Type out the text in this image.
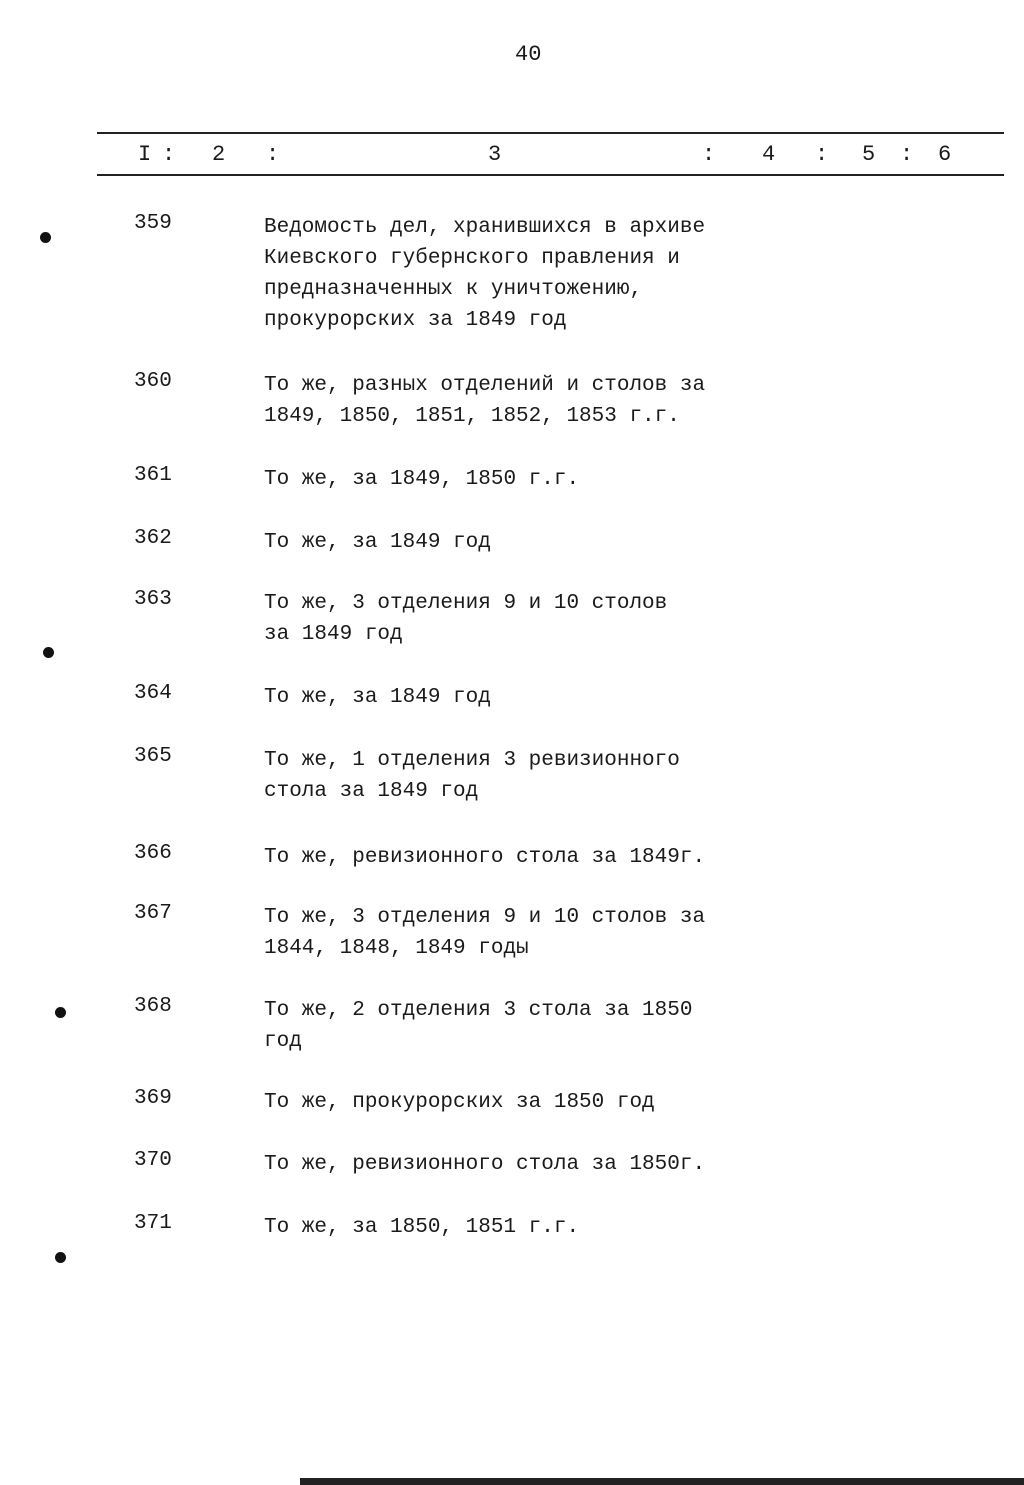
40
I : 2 :	3	: 4 : 5 : 6
359	Ведомость дел, хранившихся в архиве
Киевского губернского правления и
предназначенных к уничтожению,
прокурорских за 1849 год
360	То же, разных отделений и столов за
1849, 1850, 1851, 1852, 1853 г.г.
361	То же, за 1849, 1850 г.г.
362	То же, за 1849 год
363	То же, 3 отделения 9 и 10 столов
за 1849 год
364	То же, за 1849 год
365	То же, 1 отделения 3 ревизионного
стола за 1849 год
366	То же, ревизионного стола за 1849г.
367	То же, 3 отделения 9 и 10 столов за
1844, 1848, 1849 годы
368	То же, 2 отделения 3 стола за 1850
год
369	То же, прокурорских за 1850 год
370	То же, ревизионного стола за 1850г.
371	То же, за 1850, 1851 г.г.
